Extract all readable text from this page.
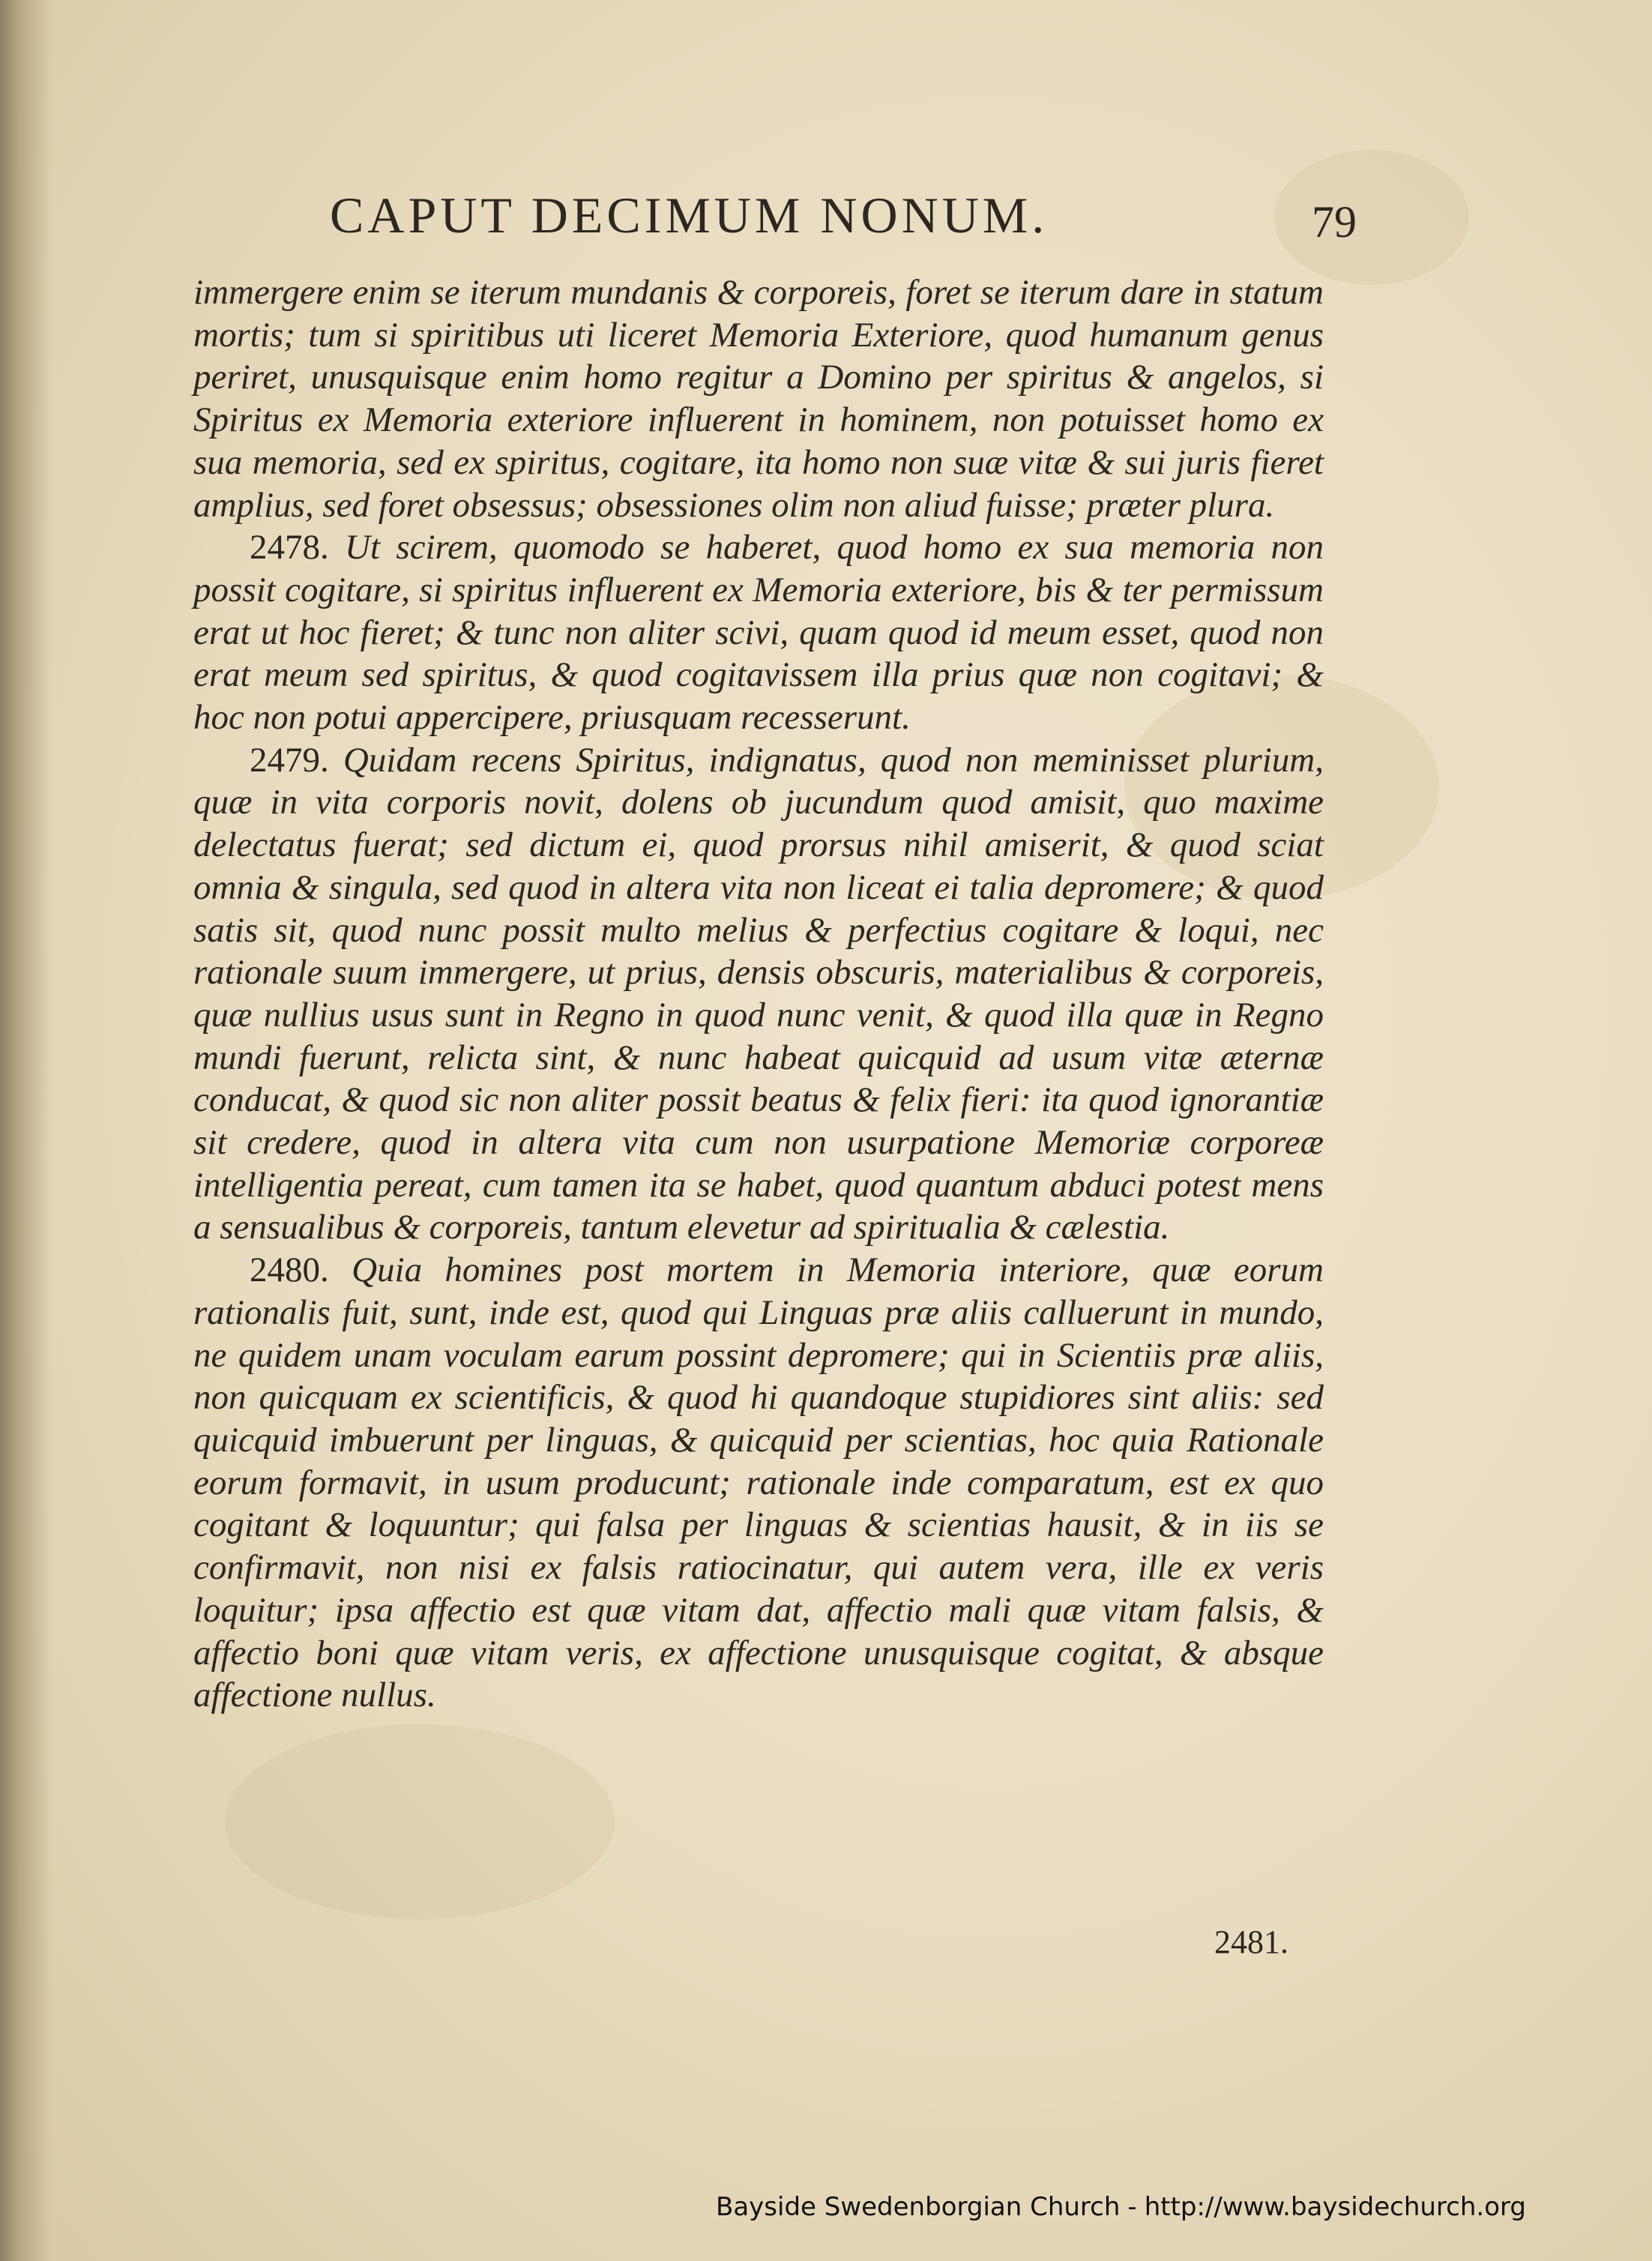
CAPUT DECIMUM NONUM.	79

immergere enim se iterum mundanis & corporeis, foret se iterum dare in statum mortis; tum si spiritibus uti liceret Memoria Exteriore, quod humanum genus periret, unusquisque enim homo regitur a Domino per spiritus & angelos, si Spiritus ex Memoria exteriore influerent in hominem, non potuisset homo ex sua memoria, sed ex spiritus, cogitare, ita homo non suæ vitæ & sui juris fieret amplius, sed foret obsessus; obsessiones olim non aliud fuisse; præter plura.

2478. Ut scirem, quomodo se haberet, quod homo ex sua memoria non possit cogitare, si spiritus influerent ex Memoria exteriore, bis & ter permissum erat ut hoc fieret; & tunc non aliter scivi, quam quod id meum esset, quod non erat meum sed spiritus, & quod cogitavissem illa prius quæ non cogitavi; & hoc non potui appercipere, priusquam recesserunt.

2479. Quidam recens Spiritus, indignatus, quod non meminisset plurium, quæ in vita corporis novit, dolens ob jucundum quod amisit, quo maxime delectatus fuerat; sed dictum ei, quod prorsus nihil amiserit, & quod sciat omnia & singula, sed quod in altera vita non liceat ei talia depromere; & quod satis sit, quod nunc possit multo melius & perfectius cogitare & loqui, nec rationale suum immergere, ut prius, densis obscuris, materialibus & corporeis, quæ nullius usus sunt in Regno in quod nunc venit, & quod illa quæ in Regno mundi fuerunt, relicta sint, & nunc habeat quicquid ad usum vitæ æternæ conducat, & quod sic non aliter possit beatus & felix fieri: ita quod ignorantiæ sit credere, quod in altera vita cum non usurpatione Memoriæ corporeæ intelligentia pereat, cum tamen ita se habet, quod quantum abduci potest mens a sensualibus & corporeis, tantum elevetur ad spiritualia & cælestia.

2480. Quia homines post mortem in Memoria interiore, quæ eorum rationalis fuit, sunt, inde est, quod qui Linguas præ aliis calluerunt in mundo, ne quidem unam voculam earum possint depromere; qui in Scientiis præ aliis, non quicquam ex scientificis, & quod hi quandoque stupidiores sint aliis: sed quicquid imbuerunt per linguas, & quicquid per scientias, hoc quia Rationale eorum formavit, in usum producunt; rationale inde comparatum, est ex quo cogitant & loquuntur; qui falsa per linguas & scientias hausit, & in iis se confirmavit, non nisi ex falsis ratiocinatur, qui autem vera, ille ex veris loquitur; ipsa affectio est quæ vitam dat, affectio mali quæ vitam falsis, & affectio boni quæ vitam veris, ex affectione unusquisque cogitat, & absque affectione nullus.

2481.
Bayside Swedenborgian Church - http://www.baysidechurch.org
